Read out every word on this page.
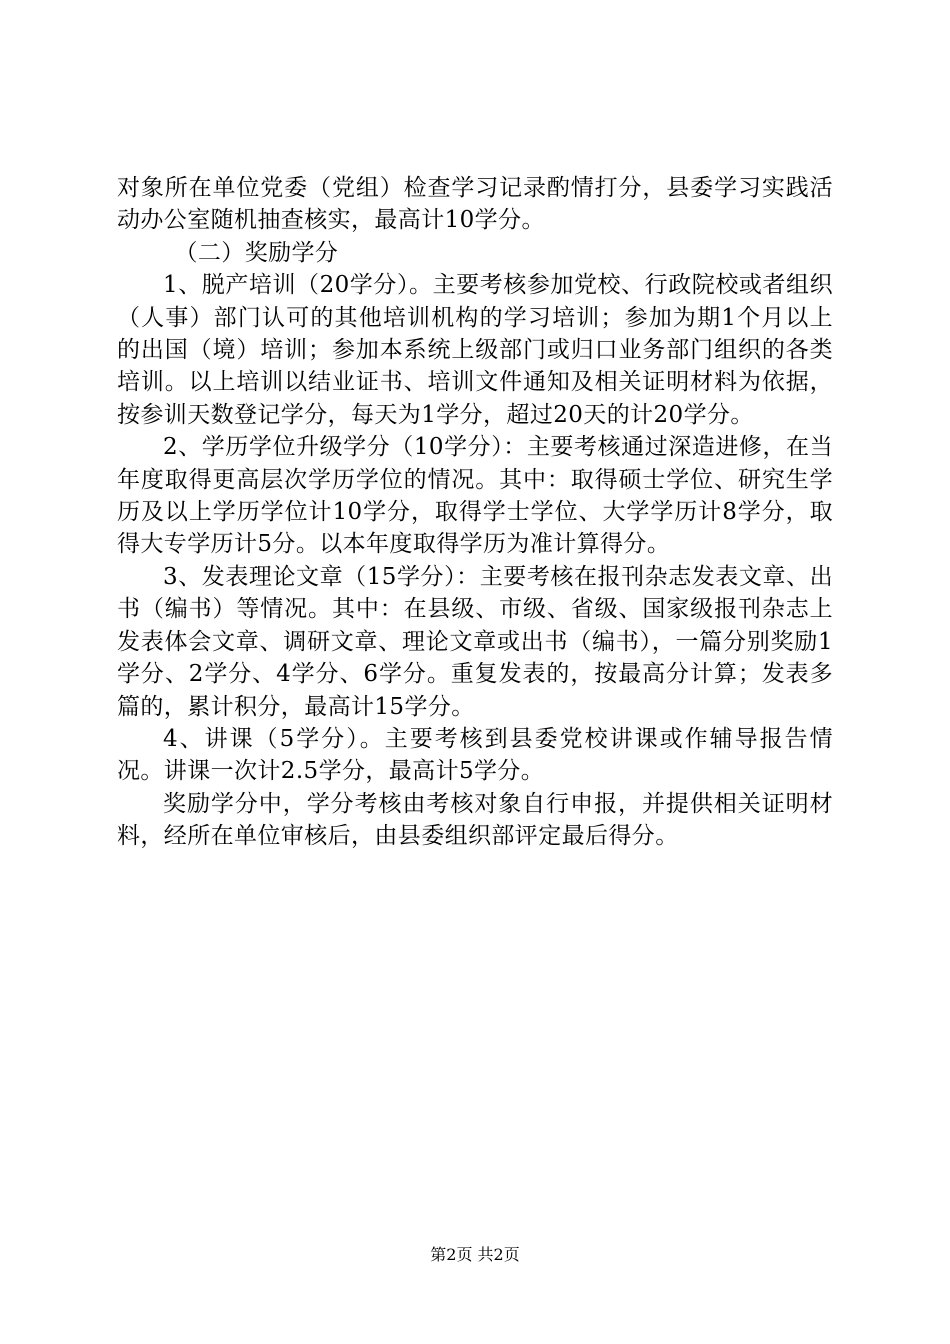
对象所在单位党委（党组）检查学习记录酌情打分，县委学习实践活动办公室随机抽查核实，最高计10学分。

（二）奖励学分

1、脱产培训（20学分）。主要考核参加党校、行政院校或者组织（人事）部门认可的其他培训机构的学习培训；参加为期1个月以上的出国（境）培训；参加本系统上级部门或归口业务部门组织的各类培训。以上培训以结业证书、培训文件通知及相关证明材料为依据，按参训天数登记学分，每天为1学分，超过20天的计20学分。

2、学历学位升级学分（10学分）：主要考核通过深造进修，在当年度取得更高层次学历学位的情况。其中：取得硕士学位、研究生学历及以上学历学位计10学分，取得学士学位、大学学历计8学分，取得大专学历计5分。以本年度取得学历为准计算得分。

3、发表理论文章（15学分）：主要考核在报刊杂志发表文章、出书（编书）等情况。其中：在县级、市级、省级、国家级报刊杂志上发表体会文章、调研文章、理论文章或出书（编书），一篇分别奖励1学分、2学分、4学分、6学分。重复发表的，按最高分计算；发表多篇的，累计积分，最高计15学分。

4、讲课（5学分）。主要考核到县委党校讲课或作辅导报告情况。讲课一次计2.5学分，最高计5学分。

奖励学分中，学分考核由考核对象自行申报，并提供相关证明材料，经所在单位审核后，由县委组织部评定最后得分。

第2页 共2页
